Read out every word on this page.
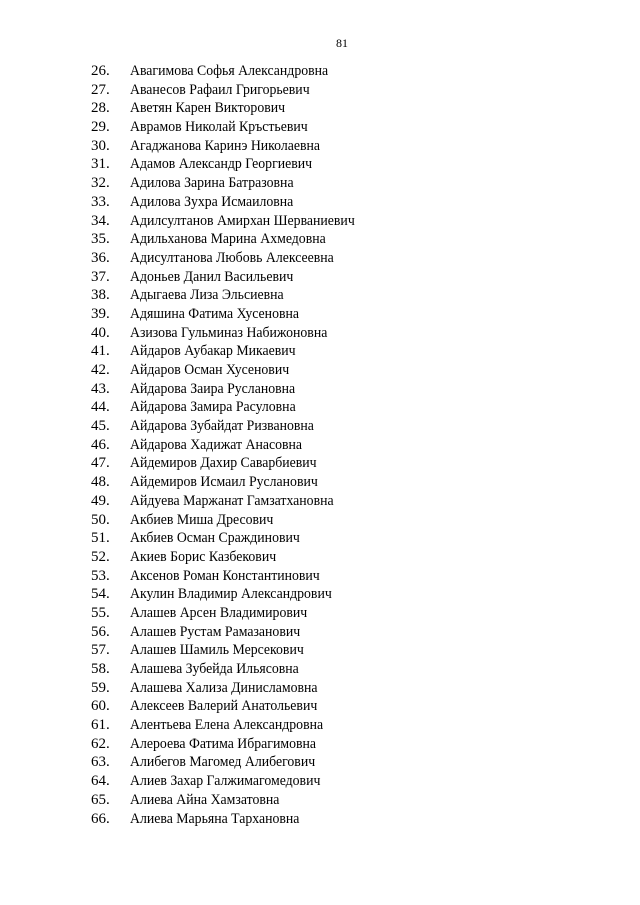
81
26.	Авагимова Софья Александровна
27.	Аванесов Рафаил Григорьевич
28.	Аветян Карен Викторович
29.	Аврамов Николай Кръстьевич
30.	Агаджанова Каринэ Николаевна
31.	Адамов Александр Георгиевич
32.	Адилова Зарина Батразовна
33.	Адилова Зухра Исмаиловна
34.	Адилсултанов Амирхан Шерваниевич
35.	Адильханова Марина Ахмедовна
36.	Адисултанова Любовь Алексеевна
37.	Адоньев Данил Васильевич
38.	Адыгаева Лиза Эльсиевна
39.	Адяшина Фатима Хусеновна
40.	Азизова Гульминаз Набижоновна
41.	Айдаров Аубакар Микаевич
42.	Айдаров Осман Хусенович
43.	Айдарова Заира Руслановна
44.	Айдарова Замира Расуловна
45.	Айдарова Зубайдат Ризвановна
46.	Айдарова Хадижат Анасовна
47.	Айдемиров Дахир Саварбиевич
48.	Айдемиров Исмаил Русланович
49.	Айдуева Маржанат Гамзатхановна
50.	Акбиев Миша Дресович
51.	Акбиев Осман Сраждинович
52.	Акиев Борис Казбекович
53.	Аксенов Роман Константинович
54.	Акулин Владимир Александрович
55.	Алашев Арсен Владимирович
56.	Алашев Рустам Рамазанович
57.	Алашев Шамиль Мерсекович
58.	Алашева Зубейда Ильясовна
59.	Алашева Хализа Динисламовна
60.	Алексеев Валерий Анатольевич
61.	Алентьева Елена Александровна
62.	Алероева Фатима Ибрагимовна
63.	Алибегов Магомед Алибегович
64.	Алиев Захар Галжимагомедович
65.	Алиева Айна Хамзатовна
66.	Алиева Марьяна Тархановна
